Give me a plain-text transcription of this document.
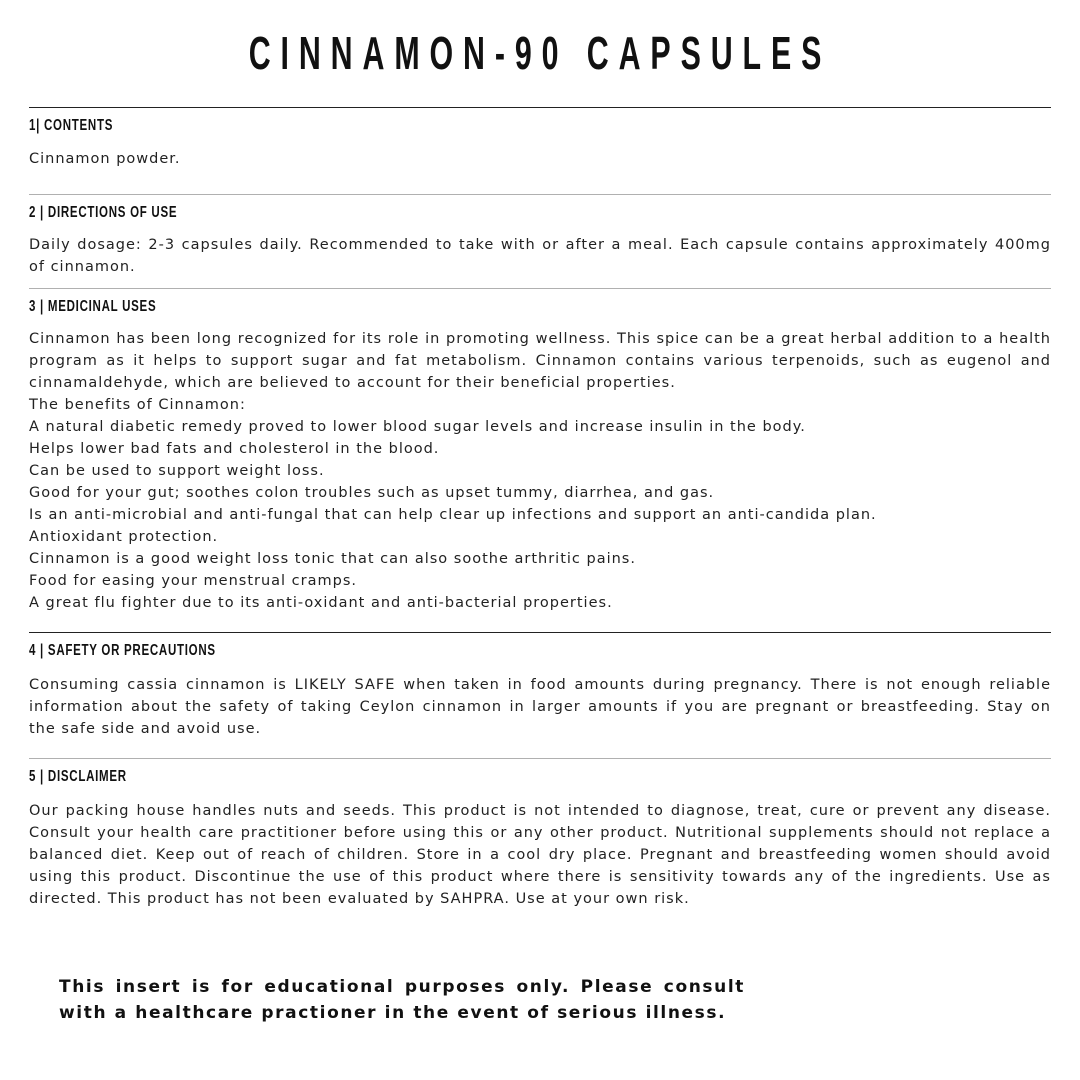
CINNAMON-90 CAPSULES
1| CONTENTS

Cinnamon powder.

2 | DIRECTIONS OF USE

Daily dosage: 2-3 capsules daily. Recommended to take with or after a meal. Each capsule contains approximately 400mg of cinnamon.

3 | MEDICINAL USES
Cinnamon has been long recognized for its role in promoting wellness. This spice can be a great herbal addition to a health program as it helps to support sugar and fat metabolism. Cinnamon contains various terpenoids, such as eugenol and cinnamaldehyde, which are believed to account for their beneficial properties.
The benefits of Cinnamon:
A natural diabetic remedy proved to lower blood sugar levels and increase insulin in the body.
Helps lower bad fats and cholesterol in the blood.
Can be used to support weight loss.
Good for your gut; soothes colon troubles such as upset tummy, diarrhea, and gas.
Is an anti-microbial and anti-fungal that can help clear up infections and support an anti-candida plan.
Antioxidant protection.
Cinnamon is a good weight loss tonic that can also soothe arthritic pains.
Food for easing your menstrual cramps.
A great flu fighter due to its anti-oxidant and anti-bacterial properties.
4 | SAFETY OR PRECAUTIONS

Consuming cassia cinnamon is LIKELY SAFE when taken in food amounts during pregnancy. There is not enough reliable information about the safety of taking Ceylon cinnamon in larger amounts if you are pregnant or breastfeeding. Stay on the safe side and avoid use.

5 | DISCLAIMER

Our packing house handles nuts and seeds. This product is not intended to diagnose, treat, cure or prevent any disease. Consult your health care practitioner before using this or any other product. Nutritional supplements should not replace a balanced diet. Keep out of reach of children. Store in a cool dry place. Pregnant and breastfeeding women should avoid using this product. Discontinue the use of this product where there is sensitivity towards any of the ingredients. Use as directed. This product has not been evaluated by SAHPRA. Use at your own risk.

This insert is for educational purposes only. Please consult with a healthcare practioner in the event of serious illness.
